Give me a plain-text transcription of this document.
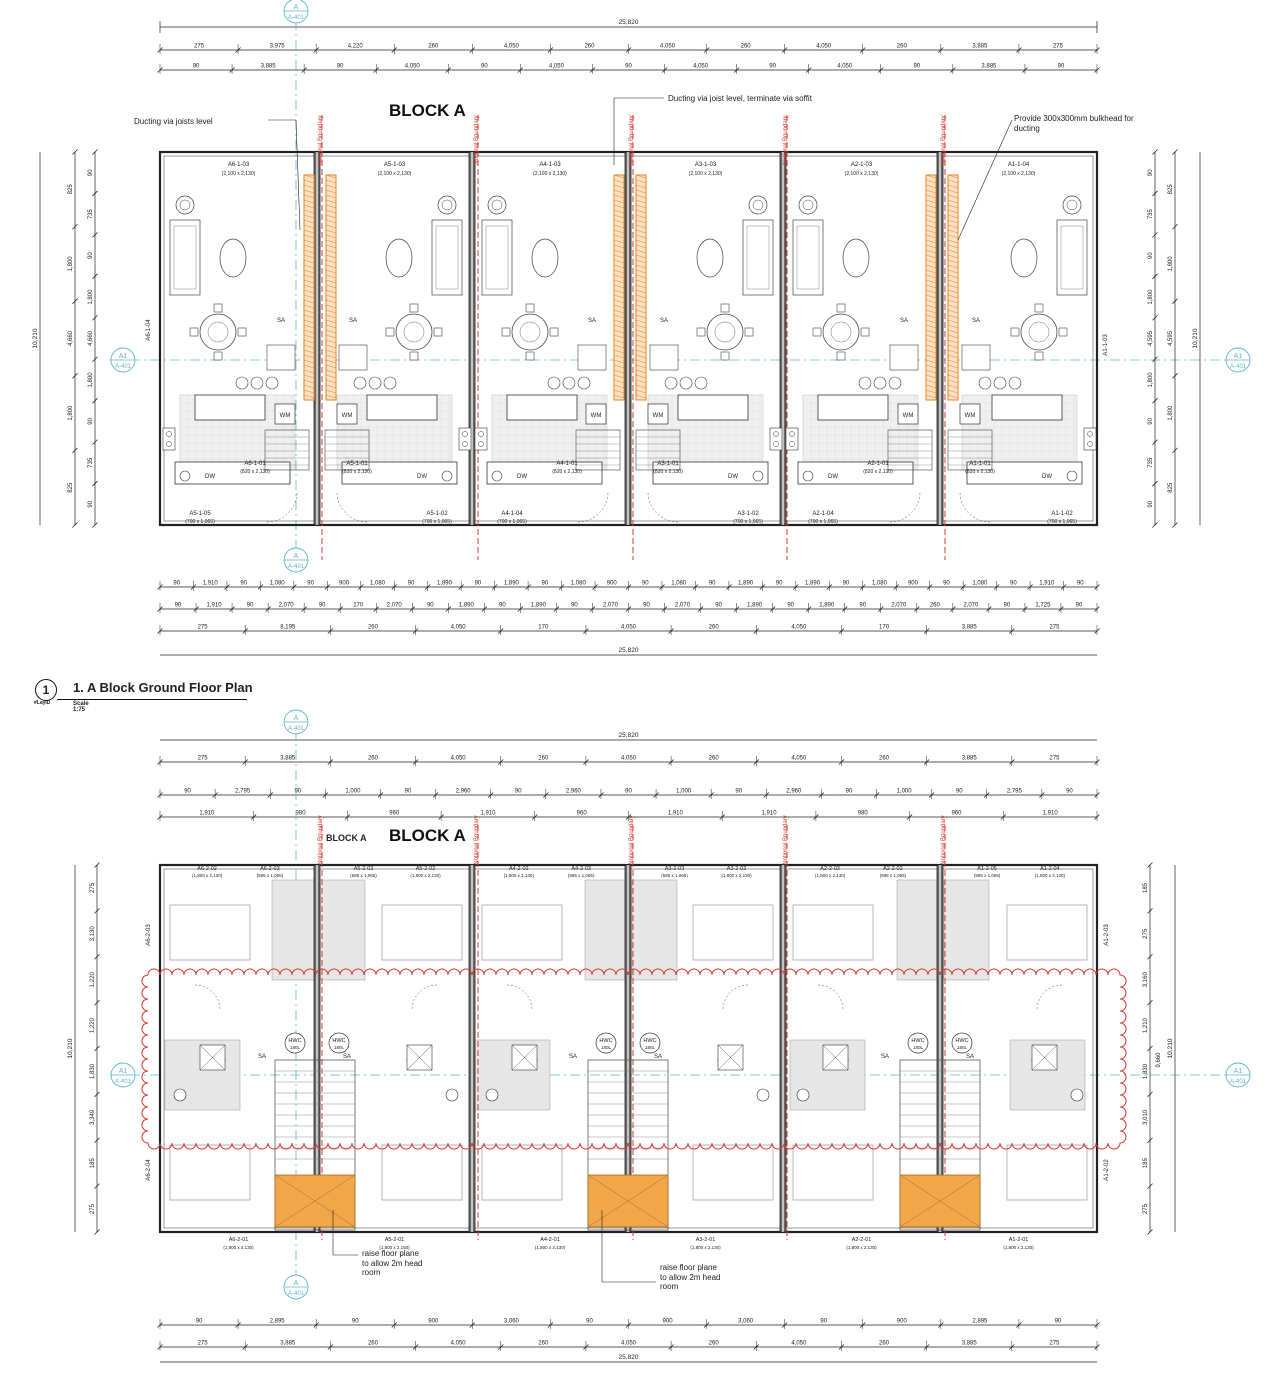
BLOCK A
Ducting via joists level
Ducting via joist level, terminate via soffit
Provide 300x300mm bulkhead for ducting
1	1. A Block Ground Floor Plan
#LayID	Scale 1:75
BLOCK A
BLOCK A
raise floor plane to allow 2m head room
raise floor plane to allow 2m head room
25,820
275	3,975	4,220	260	4,050	260	4,050	260	4,050	260	3,885	275
90	3,885	90	4,050	90	4,050	90	4,050	90	4,050	90	3,885	90
A
A-401
A
A-401
A1
A-401
A1
A-401
Notional Boundary	Notional Boundary	Notional Boundary	Notional Boundary	Notional Boundary
DW
WM
SA
A6-1-03
(2,100 x 2,130)
A6-1-01
(820 x 2,130)
A5-1-05
(700 x 1,065)
DW
WM
SA
A5-1-03
(2,100 x 2,130)
A5-1-01
(820 x 2,130)
A5-1-02
(700 x 1,065)
DW
WM
SA
A4-1-03
(2,100 x 2,130)
A4-1-01
(820 x 2,130)
A4-1-04
(700 x 1,065)
DW
WM
SA
A3-1-03
(2,100 x 2,130)
A3-1-01
(820 x 2,130)
A3-1-02
(700 x 1,065)
DW
WM
SA
A2-1-03
(2,100 x 2,130)
A2-1-01
(820 x 2,130)
A2-1-04
(700 x 1,065)
DW
WM
SA
A1-1-04
(2,100 x 2,130)
A1-1-01
(820 x 2,130)
A1-1-02
(700 x 1,065)
A6-1-04
A1-1-03
10,210
825
1,800
4,660
1,800
825
90
735
90
1,800
4,660
1,800
90
735
90
10,210
825
1,800
4,595
1,800
825
90
735
90
1,800
4,595
1,800
90
735
90
90	1,910	90	1,080	90	900	1,080	90	1,890	90	1,890	90	1,080	900	90	1,080	90	1,890	90	1,890	90	1,080	900	90	1,080	90	1,910	90
90	1,910	90	2,070	90	170	2,070	90	1,890	90	1,890	90	2,070	90	2,070	90	1,890	90	1,890	90	2,070	260	2,070	90	1,725	90
275	8,195	260	4,050	170	4,050	260	4,050	170	3,885	275
25,820
25,820
275	3,885	260	4,050	260	4,050	260	4,050	260	3,885	275
90	2,795	90	1,000	90	2,960	90	2,960	90	1,000	90	2,960	90	1,000	90	2,795	90
1,910	980	960	1,910	960	1,910	1,910	980	960	1,910
A
A-401
A
A-401
A1
A-401
A1
A-401
Notional Boundary	Notional Boundary	Notional Boundary	Notional Boundary	Notional Boundary
HWC
180L
SA
A6-2-02
(1,800 x 2,130)
A6-2-03
(585 x 1,065)
A6-2-01
(1,800 x 2,130)
HWC
180L
SA
A5-2-03
(585 x 1,065)
A5-2-02
(1,800 x 2,130)
A5-2-01
(1,800 x 2,150)
HWC
180L
SA
A4-2-02
(1,800 x 2,130)
A4-2-03
(585 x 1,065)
A4-2-01
(1,800 x 2,130)
HWC
180L
SA
A3-2-03
(585 x 1,065)
A3-2-02
(1,800 x 2,130)
A3-2-01
(1,800 x 2,130)
HWC
180L
SA
A2-2-03
(1,800 x 2,130)
A2-2-02
(585 x 1,065)
A2-2-01
(1,800 x 2,130)
HWC
180L
SA
A1-2-05
(585 x 1,065)
A1-2-04
(1,800 x 2,130)
A1-2-01
(1,800 x 2,130)
A6-2-03
A6-2-04
A1-2-03
A1-2-02
10,210
275
3,130
1,220
1,220
1,830
3,349
185
275
10,210
185
275
3,160
1,210
1,830
3,010
185
275
9,660
90	2,895	90	900	3,060	90	900	3,060	90	900	2,895	90
275	3,885	260	4,050	260	4,050	260	4,050	260	3,885	275
25,820
